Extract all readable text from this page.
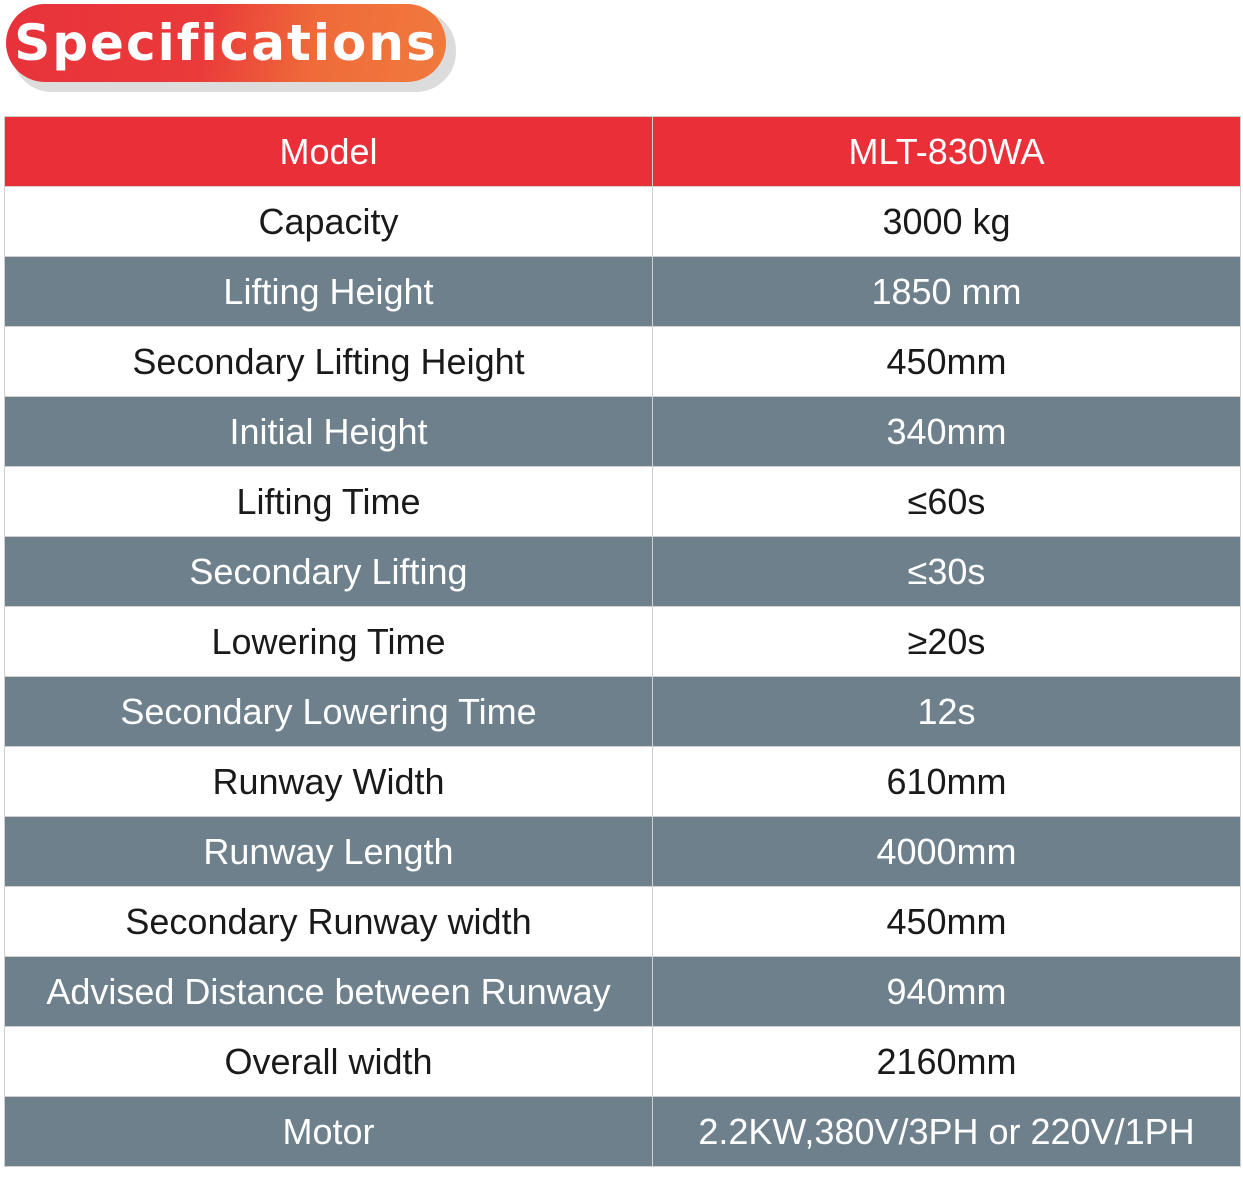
Specifications
Model	MLT-830WA
Capacity	3000 kg
Lifting Height	1850 mm
Secondary Lifting Height	450mm
Initial Height	340mm
Lifting Time	≤60s
Secondary Lifting	≤30s
Lowering Time	≥20s
Secondary Lowering Time	12s
Runway Width	610mm
Runway Length	4000mm
Secondary Runway width	450mm
Advised Distance between Runway	940mm
Overall width	2160mm
Motor	2.2KW,380V/3PH or 220V/1PH
